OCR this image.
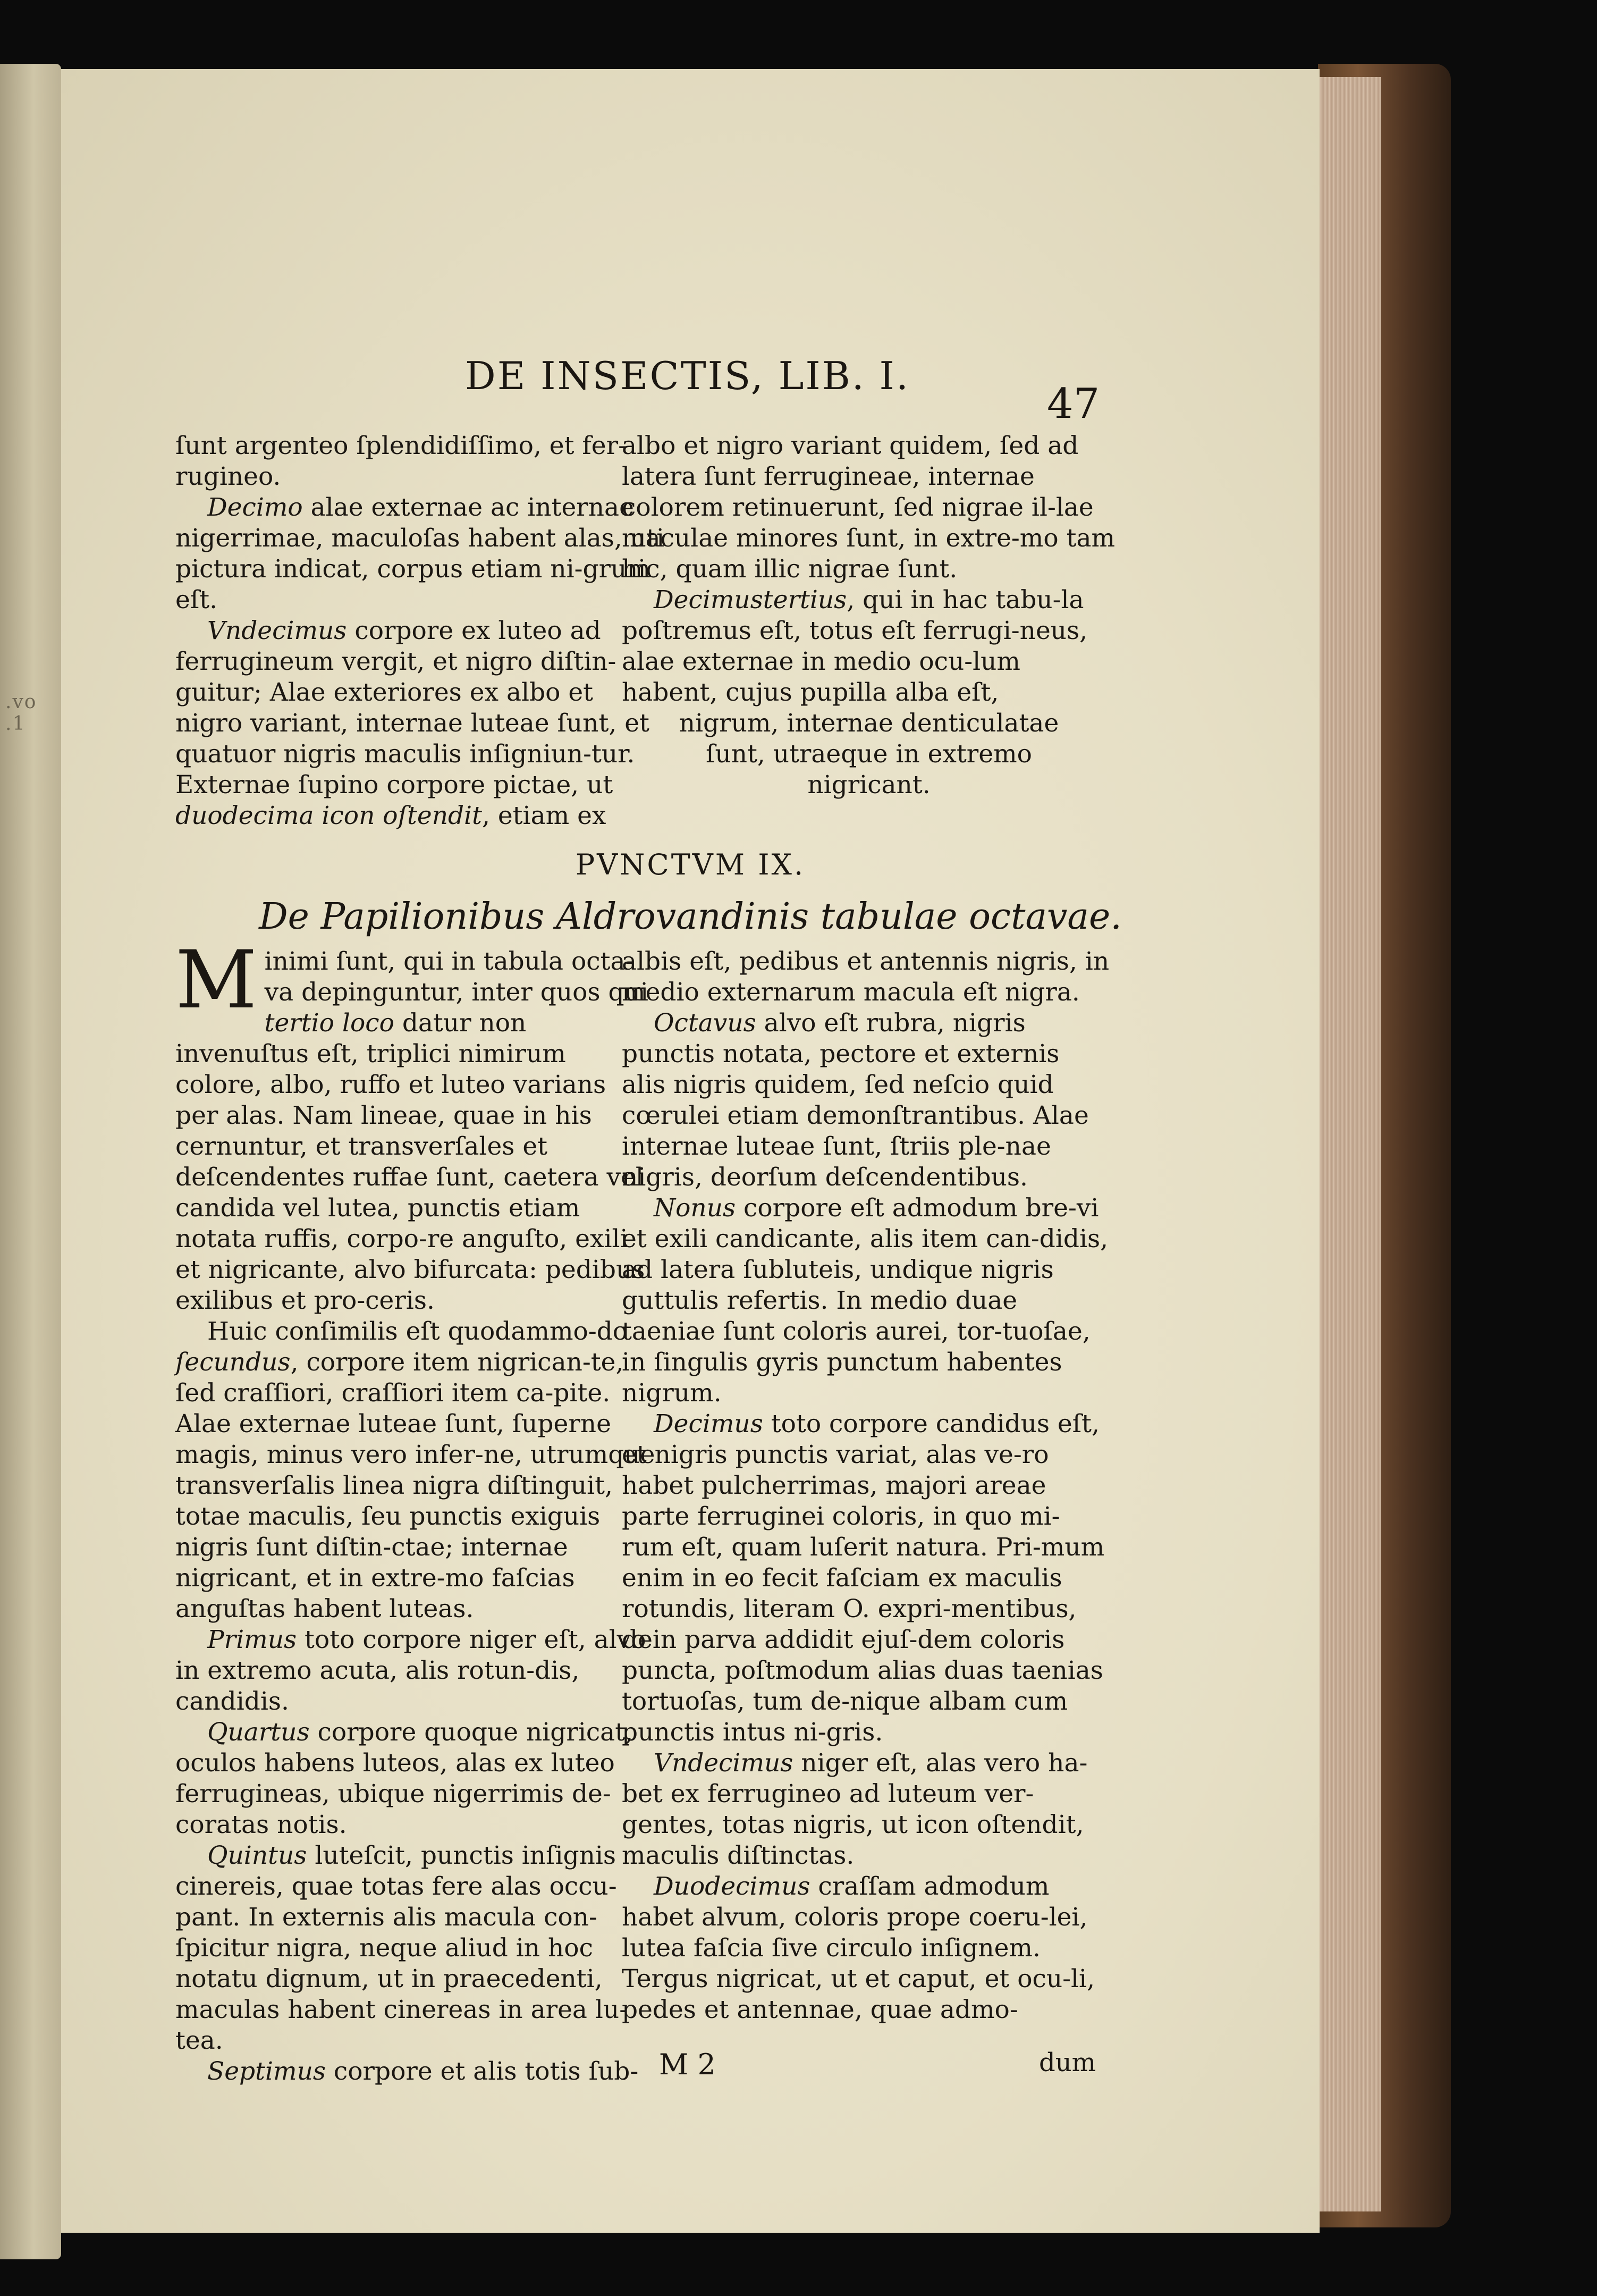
.vo .1
DE INSECTIS, LIB. I.
47

ſunt argenteo ſplendidiſſimo, et fer-

rugineo.

Decimo alae externae ac internae nigerrimae, maculoſas habent alas, uti pictura indicat, corpus etiam ni-grum eſt.

Vndecimus corpore ex luteo ad ferrugineum vergit, et nigro diſtin-guitur; Alae exteriores ex albo et nigro variant, internae luteae ſunt, et quatuor nigris maculis inſigniun-tur. Externae ſupino corpore pictae, ut duodecima icon oſtendit, etiam ex

albo et nigro variant quidem, ſed ad latera ſunt ferrugineae, internae colorem retinuerunt, ſed nigrae il-lae maculae minores ſunt, in extre-mo tam hic, quam illic nigrae ſunt.

Decimustertius, qui in hac tabu-la poſtremus eſt, totus eſt ferrugi-neus, alae externae in medio ocu-lum habent, cujus pupilla alba eſt,

nigrum, internae denticulatae

ſunt, utraeque in extremo

nigricant.

PVNCTVM IX.
De Papilionibus Aldrovandinis tabulae octavae.

Minimi ſunt, qui in tabula octa-va depinguntur, inter quos qui tertio loco datur non invenuſtus eſt, triplici nimirum colore, albo, ruffo et luteo varians per alas. Nam lineae, quae in his cernuntur, et transverſales et deſcendentes ruffae ſunt, caetera vel candida vel lutea, punctis etiam notata ruffis, corpo-re anguſto, exili et nigricante, alvo bifurcata: pedibus exilibus et pro-ceris.

Huic conſimilis eſt quodammo-do ſecundus, corpore item nigrican-te, ſed craſſiori, craſſiori item ca-pite. Alae externae luteae ſunt, ſuperne magis, minus vero infer-ne, utrumque transverſalis linea nigra diſtinguit, totae maculis, ſeu punctis exiguis nigris ſunt diſtin-ctae; internae nigricant, et in extre-mo faſcias anguſtas habent luteas.

Primus toto corpore niger eſt, alvo in extremo acuta, alis rotun-dis, candidis.

Quartus corpore quoque nigricat, oculos habens luteos, alas ex luteo ferrugineas, ubique nigerrimis de-coratas notis.

Quintus luteſcit, punctis inſignis cinereis, quae totas fere alas occu-pant. In externis alis macula con-ſpicitur nigra, neque aliud in hoc notatu dignum, ut in praecedenti, maculas habent cinereas in area lu-tea.

Septimus corpore et alis totis ſub-

albis eſt, pedibus et antennis nigris, in medio externarum macula eſt nigra.

Octavus alvo eſt rubra, nigris punctis notata, pectore et externis alis nigris quidem, ſed neſcio quid cœrulei etiam demonſtrantibus. Alae internae luteae ſunt, ſtriis ple-nae nigris, deorſum deſcendentibus.

Nonus corpore eſt admodum bre-vi et exili candicante, alis item can-didis, ad latera ſubluteis, undique nigris guttulis refertis. In medio duae taeniae ſunt coloris aurei, tor-tuoſae, in ſingulis gyris punctum habentes nigrum.

Decimus toto corpore candidus eſt, et nigris punctis variat, alas ve-ro habet pulcherrimas, majori areae parte ferruginei coloris, in quo mi-rum eſt, quam luſerit natura. Pri-mum enim in eo fecit faſciam ex maculis rotundis, literam O. expri-mentibus, dein parva addidit ejuſ-dem coloris puncta, poſtmodum alias duas taenias tortuoſas, tum de-nique albam cum punctis intus ni-gris.

Vndecimus niger eſt, alas vero ha-bet ex ferrugineo ad luteum ver-gentes, totas nigris, ut icon oſtendit, maculis diſtinctas.

Duodecimus craſſam admodum habet alvum, coloris prope coeru-lei, lutea faſcia ſive circulo inſignem. Tergus nigricat, ut et caput, et ocu-li, pedes et antennae, quae admo-

M 2	dum
